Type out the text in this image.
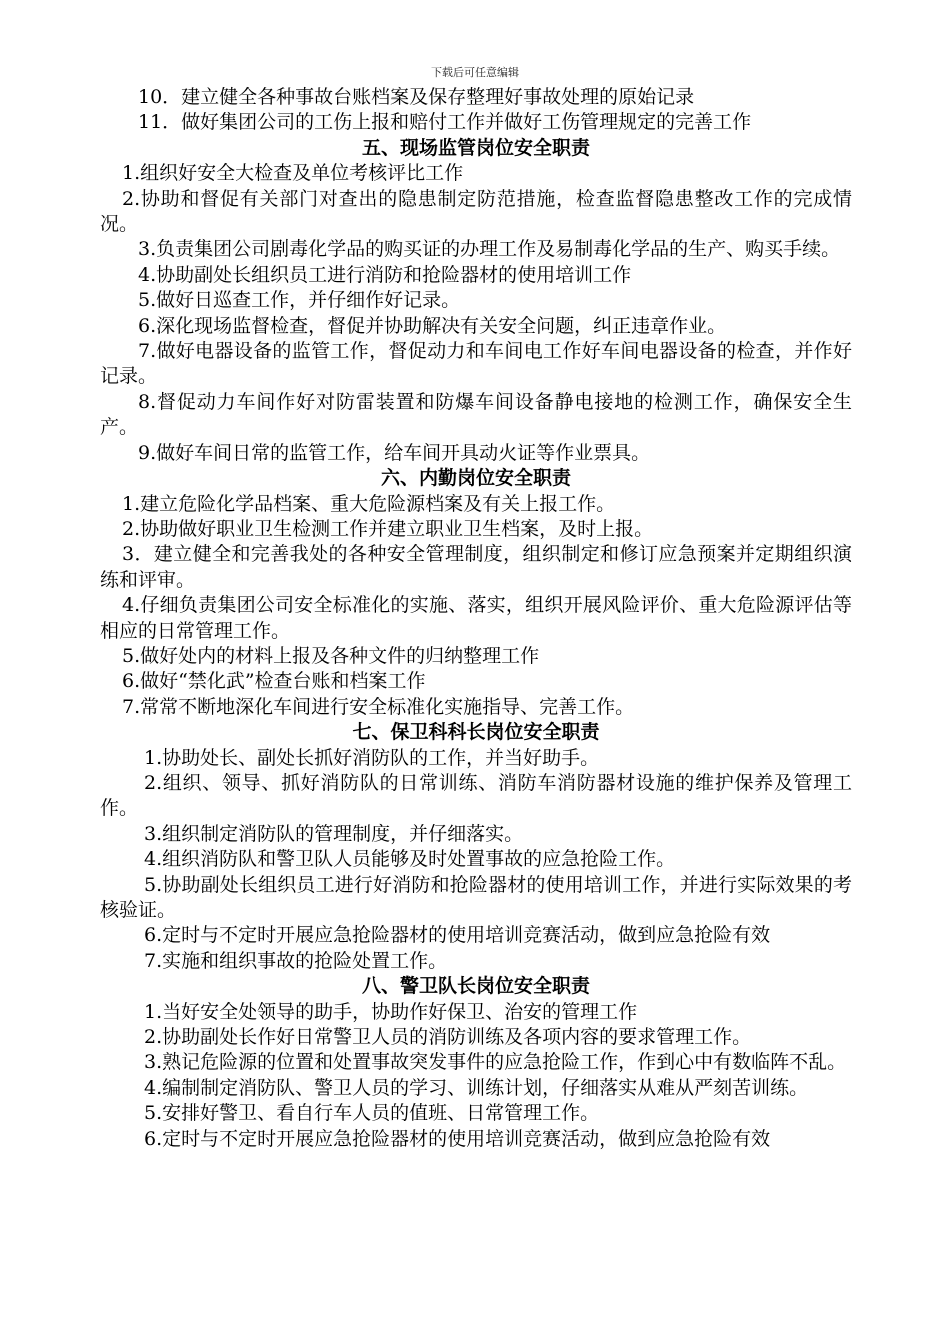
下载后可任意编辑

10．建立健全各种事故台账档案及保存整理好事故处理的原始记录

11．做好集团公司的工伤上报和赔付工作并做好工伤管理规定的完善工作

五、现场监管岗位安全职责

1.组织好安全大检查及单位考核评比工作

2.协助和督促有关部门对查出的隐患制定防范措施，检查监督隐患整改工作的完成情况。

3.负责集团公司剧毒化学品的购买证的办理工作及易制毒化学品的生产、购买手续。

4.协助副处长组织员工进行消防和抢险器材的使用培训工作

5.做好日巡查工作，并仔细作好记录。

6.深化现场监督检查，督促并协助解决有关安全问题，纠正违章作业。

7.做好电器设备的监管工作，督促动力和车间电工作好车间电器设备的检查，并作好记录。

8.督促动力车间作好对防雷装置和防爆车间设备静电接地的检测工作，确保安全生产。

9.做好车间日常的监管工作，给车间开具动火证等作业票具。

六、内勤岗位安全职责

1.建立危险化学品档案、重大危险源档案及有关上报工作。

2.协助做好职业卫生检测工作并建立职业卫生档案，及时上报。

3．建立健全和完善我处的各种安全管理制度，组织制定和修订应急预案并定期组织演练和评审。

4.仔细负责集团公司安全标准化的实施、落实，组织开展风险评价、重大危险源评估等相应的日常管理工作。

5.做好处内的材料上报及各种文件的归纳整理工作

6.做好“禁化武”检查台账和档案工作

7.常常不断地深化车间进行安全标准化实施指导、完善工作。

七、保卫科科长岗位安全职责

1.协助处长、副处长抓好消防队的工作，并当好助手。

2.组织、领导、抓好消防队的日常训练、消防车消防器材设施的维护保养及管理工作。

3.组织制定消防队的管理制度，并仔细落实。

4.组织消防队和警卫队人员能够及时处置事故的应急抢险工作。

5.协助副处长组织员工进行好消防和抢险器材的使用培训工作，并进行实际效果的考核验证。

6.定时与不定时开展应急抢险器材的使用培训竞赛活动，做到应急抢险有效

7.实施和组织事故的抢险处置工作。

八、警卫队长岗位安全职责

1.当好安全处领导的助手，协助作好保卫、治安的管理工作

2.协助副处长作好日常警卫人员的消防训练及各项内容的要求管理工作。

3.熟记危险源的位置和处置事故突发事件的应急抢险工作，作到心中有数临阵不乱。

4.编制制定消防队、警卫人员的学习、训练计划，仔细落实从难从严刻苦训练。

5.安排好警卫、看自行车人员的值班、日常管理工作。

6.定时与不定时开展应急抢险器材的使用培训竞赛活动，做到应急抢险有效
